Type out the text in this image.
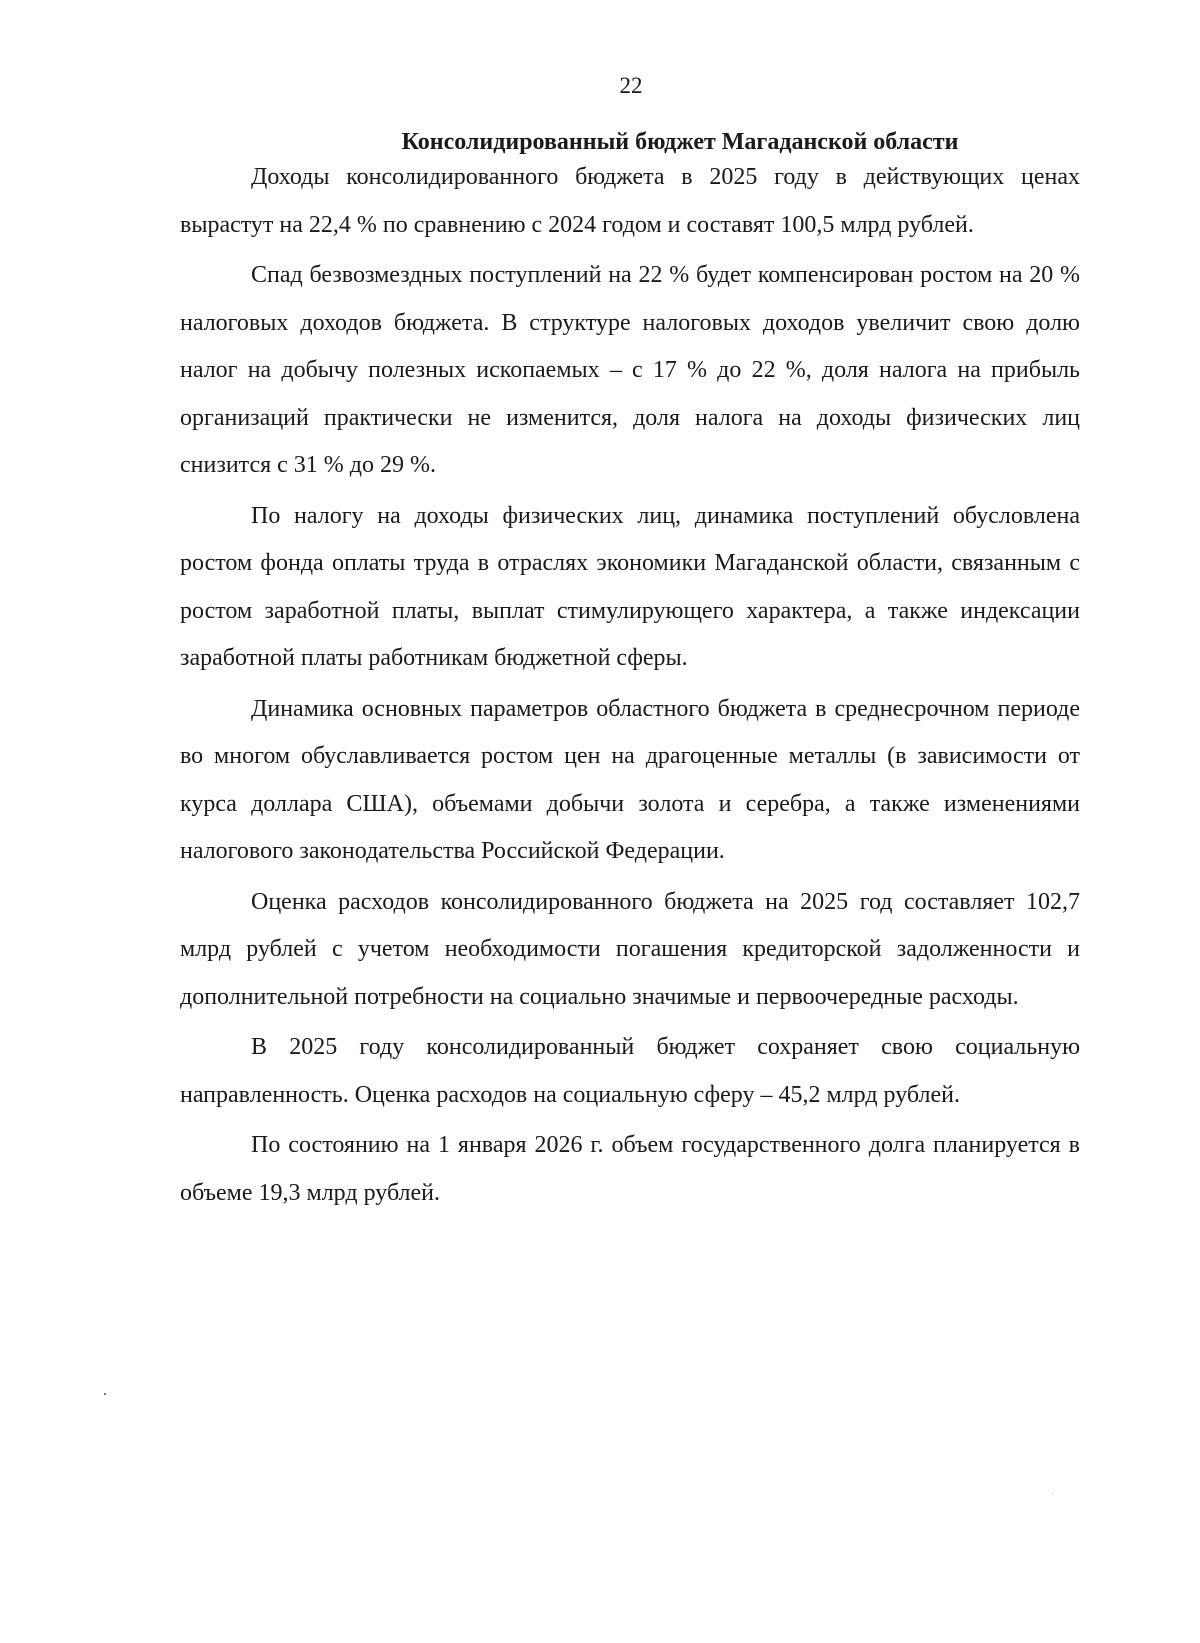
22
Консолидированный бюджет Магаданской области

Доходы консолидированного бюджета в 2025 году в действующих ценах вырастут на 22,4 % по сравнению с 2024 годом и составят 100,5 млрд рублей.

Спад безвозмездных поступлений на 22 % будет компенсирован ростом на 20 % налоговых доходов бюджета. В структуре налоговых доходов увеличит свою долю налог на добычу полезных ископаемых – с 17 % до 22 %, доля налога на прибыль организаций практически не изменится, доля налога на доходы физических лиц снизится с 31 % до 29 %.

По налогу на доходы физических лиц, динамика поступлений обусловлена ростом фонда оплаты труда в отраслях экономики Магаданской области, связанным с ростом заработной платы, выплат стимулирующего характера, а также индексации заработной платы работникам бюджетной сферы.

Динамика основных параметров областного бюджета в среднесрочном периоде во многом обуславливается ростом цен на драгоценные металлы (в зависимости от курса доллара США), объемами добычи золота и серебра, а также изменениями налогового законодательства Российской Федерации.

Оценка расходов консолидированного бюджета на 2025 год составляет 102,7 млрд рублей с учетом необходимости погашения кредиторской задолженности и дополнительной потребности на социально значимые и первоочередные расходы.

В 2025 году консолидированный бюджет сохраняет свою социальную направленность. Оценка расходов на социальную сферу – 45,2 млрд рублей.

По состоянию на 1 января 2026 г. объем государственного долга планируется в объеме 19,3 млрд рублей.
